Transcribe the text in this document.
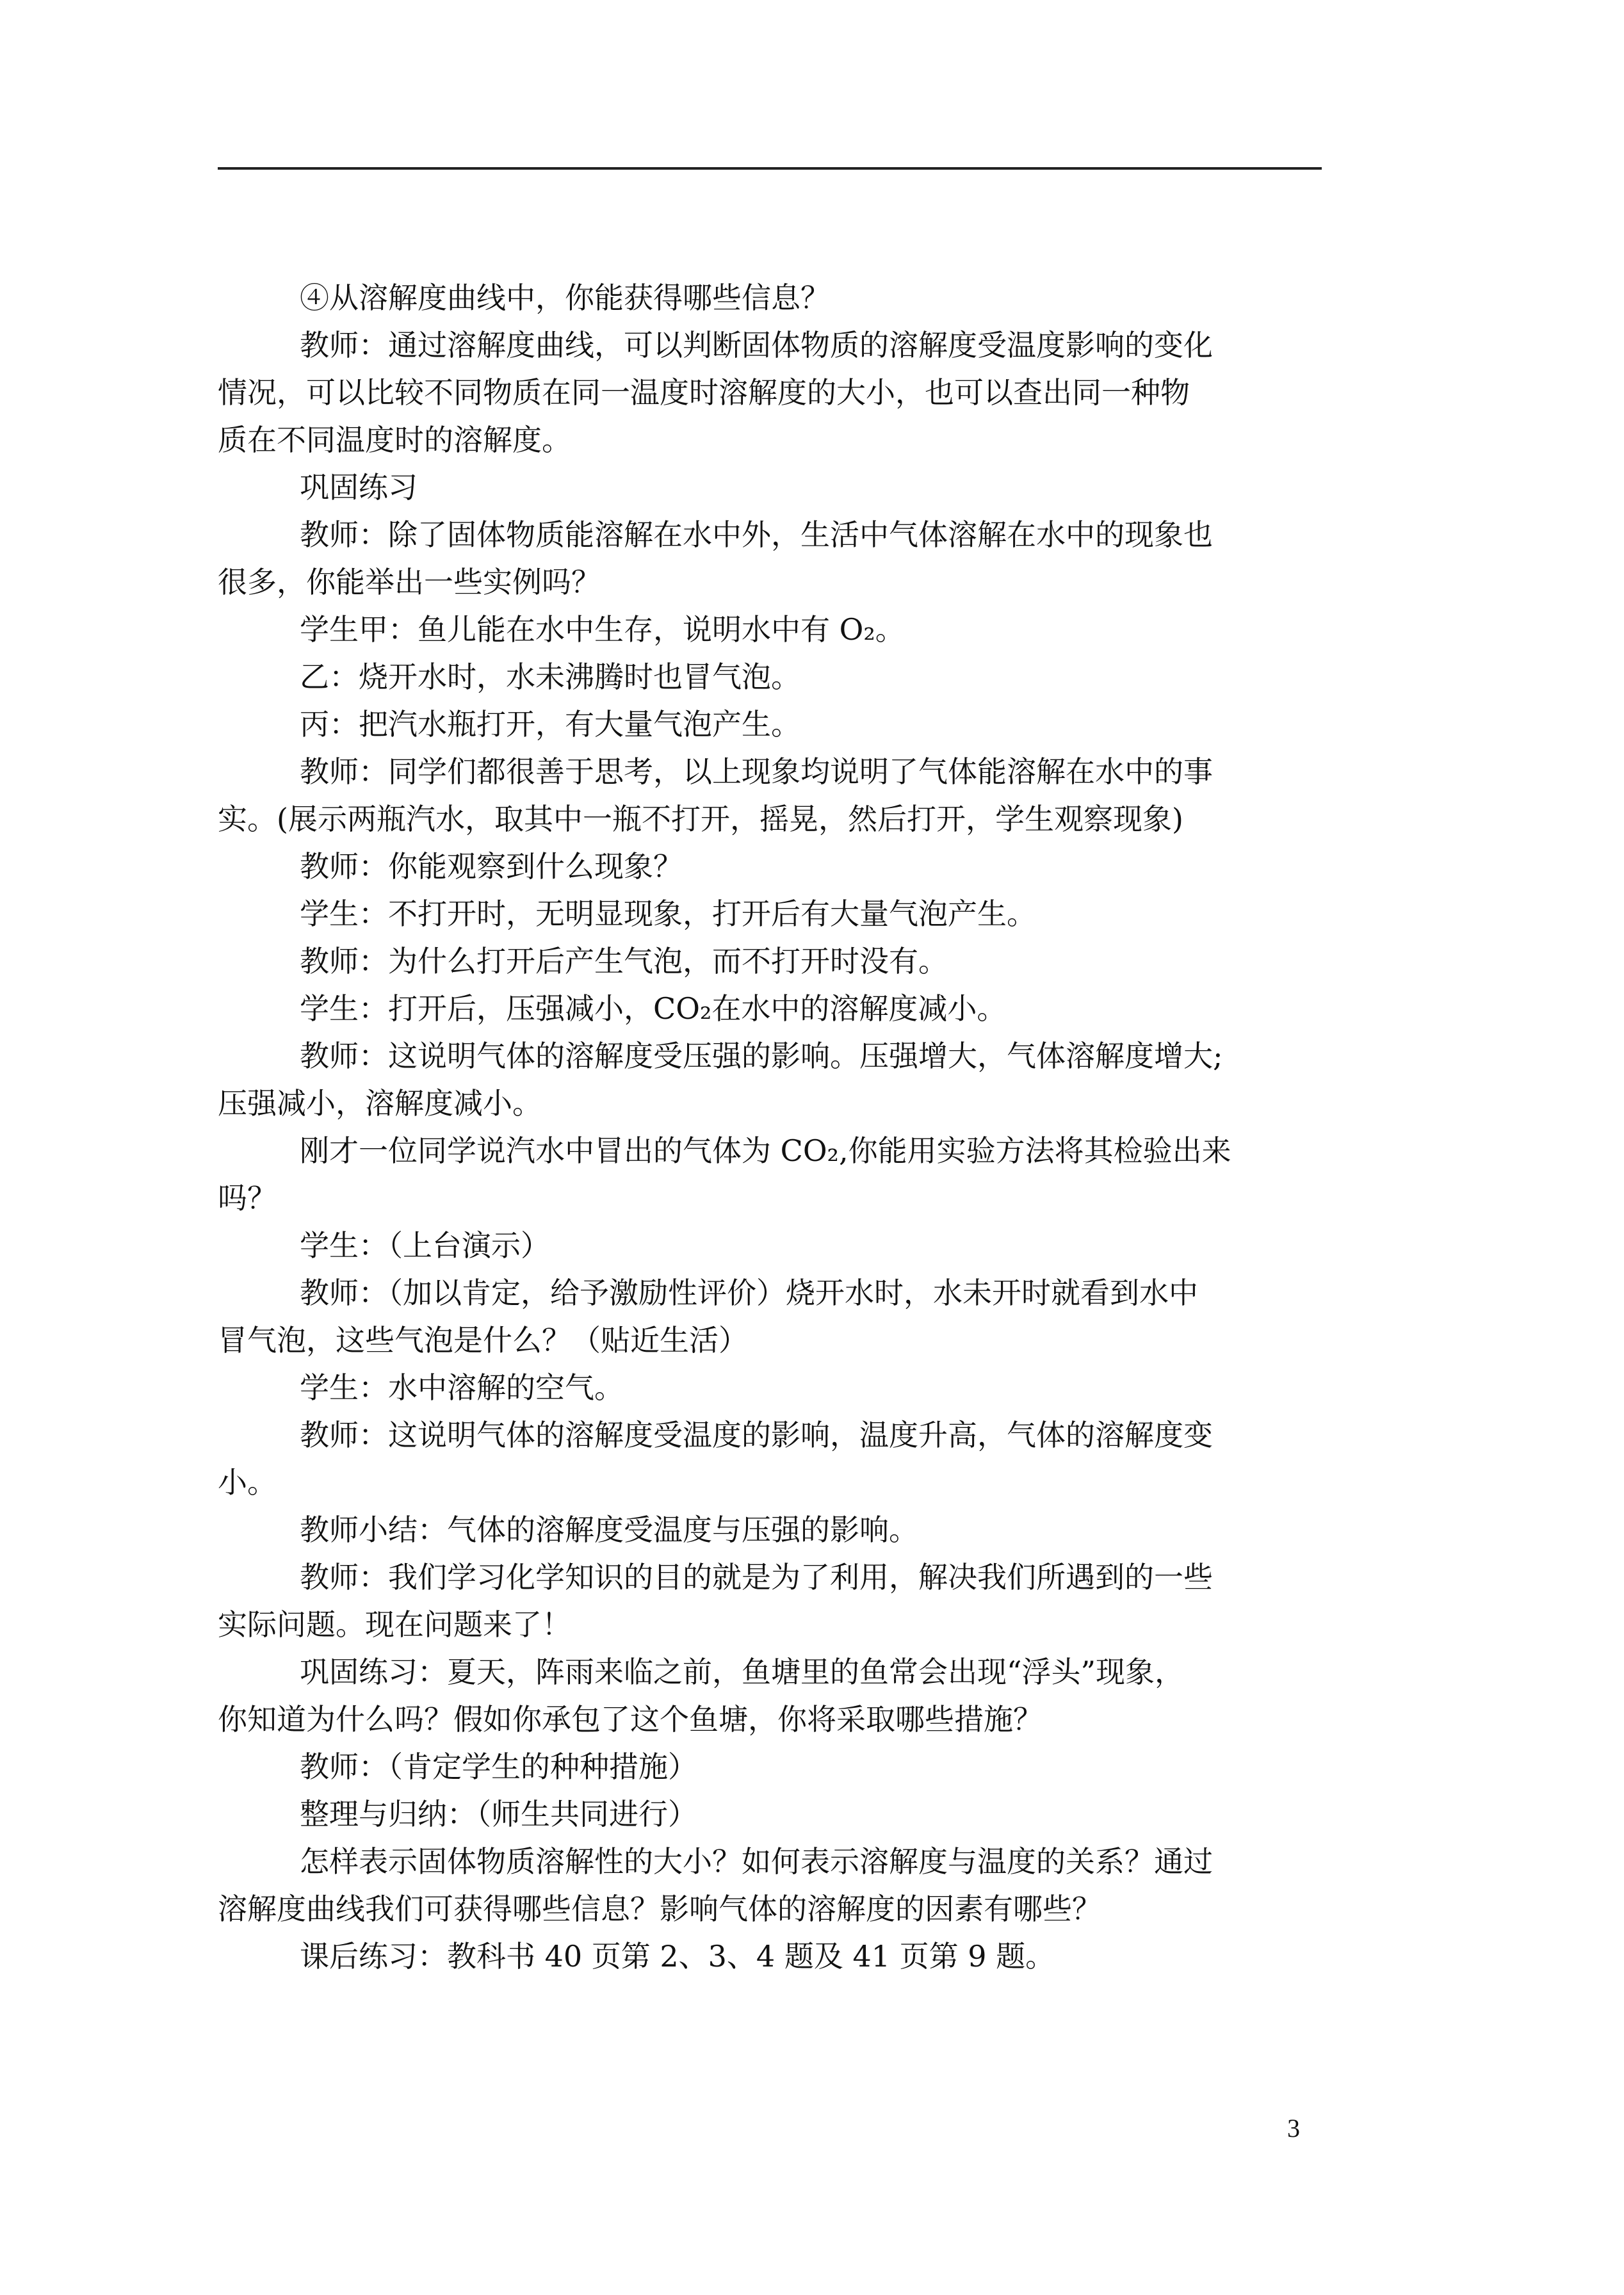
④从溶解度曲线中，你能获得哪些信息？
教师：通过溶解度曲线，可以判断固体物质的溶解度受温度影响的变化
情况，可以比较不同物质在同一温度时溶解度的大小，也可以查出同一种物
质在不同温度时的溶解度。
巩固练习
教师：除了固体物质能溶解在水中外，生活中气体溶解在水中的现象也
很多，你能举出一些实例吗？
学生甲：鱼儿能在水中生存，说明水中有 O₂。
乙：烧开水时，水未沸腾时也冒气泡。
丙：把汽水瓶打开，有大量气泡产生。
教师：同学们都很善于思考，以上现象均说明了气体能溶解在水中的事
实。(展示两瓶汽水，取其中一瓶不打开，摇晃，然后打开，学生观察现象)
教师：你能观察到什么现象？
学生：不打开时，无明显现象，打开后有大量气泡产生。
教师：为什么打开后产生气泡，而不打开时没有。
学生：打开后，压强减小，CO₂在水中的溶解度减小。
教师：这说明气体的溶解度受压强的影响。压强增大，气体溶解度增大;
压强减小，溶解度减小。
刚才一位同学说汽水中冒出的气体为 CO₂,你能用实验方法将其检验出来
吗？
学生：（上台演示）
教师：（加以肯定，给予激励性评价）烧开水时，水未开时就看到水中
冒气泡，这些气泡是什么？（贴近生活）
学生：水中溶解的空气。
教师：这说明气体的溶解度受温度的影响，温度升高，气体的溶解度变
小。
教师小结：气体的溶解度受温度与压强的影响。
教师：我们学习化学知识的目的就是为了利用，解决我们所遇到的一些
实际问题。现在问题来了！
巩固练习：夏天，阵雨来临之前，鱼塘里的鱼常会出现“浮头”现象，
你知道为什么吗？假如你承包了这个鱼塘，你将采取哪些措施？
教师：（肯定学生的种种措施）
整理与归纳：（师生共同进行）
怎样表示固体物质溶解性的大小？如何表示溶解度与温度的关系？通过
溶解度曲线我们可获得哪些信息？影响气体的溶解度的因素有哪些？
课后练习：教科书 40 页第 2、3、4 题及 41 页第 9 题。
3
